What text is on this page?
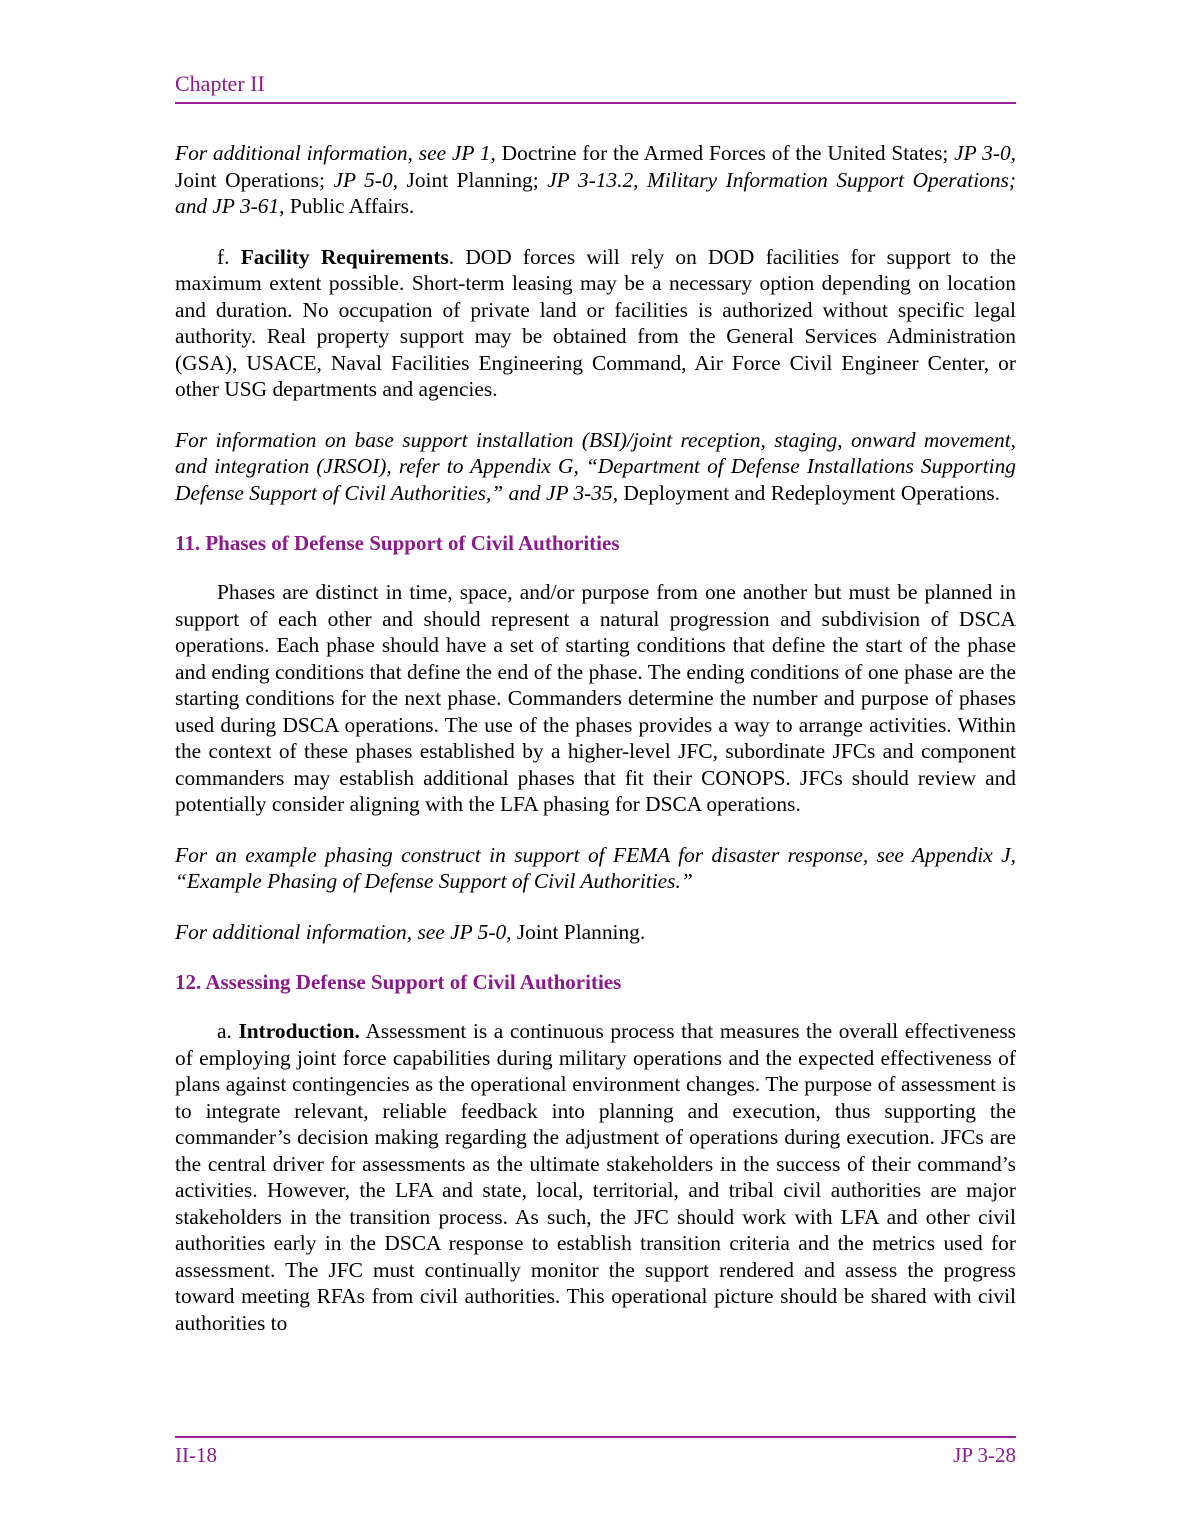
Chapter II

For additional information, see JP 1, Doctrine for the Armed Forces of the United States; JP 3-0, Joint Operations; JP 5-0, Joint Planning; JP 3-13.2, Military Information Support Operations; and JP 3-61, Public Affairs.

f. Facility Requirements. DOD forces will rely on DOD facilities for support to the maximum extent possible. Short-term leasing may be a necessary option depending on location and duration. No occupation of private land or facilities is authorized without specific legal authority. Real property support may be obtained from the General Services Administration (GSA), USACE, Naval Facilities Engineering Command, Air Force Civil Engineer Center, or other USG departments and agencies.

For information on base support installation (BSI)/joint reception, staging, onward movement, and integration (JRSOI), refer to Appendix G, “Department of Defense Installations Supporting Defense Support of Civil Authorities,” and JP 3-35, Deployment and Redeployment Operations.

11. Phases of Defense Support of Civil Authorities

Phases are distinct in time, space, and/or purpose from one another but must be planned in support of each other and should represent a natural progression and subdivision of DSCA operations. Each phase should have a set of starting conditions that define the start of the phase and ending conditions that define the end of the phase. The ending conditions of one phase are the starting conditions for the next phase. Commanders determine the number and purpose of phases used during DSCA operations. The use of the phases provides a way to arrange activities. Within the context of these phases established by a higher-level JFC, subordinate JFCs and component commanders may establish additional phases that fit their CONOPS. JFCs should review and potentially consider aligning with the LFA phasing for DSCA operations.

For an example phasing construct in support of FEMA for disaster response, see Appendix J, “Example Phasing of Defense Support of Civil Authorities.”

For additional information, see JP 5-0, Joint Planning.

12. Assessing Defense Support of Civil Authorities

a. Introduction. Assessment is a continuous process that measures the overall effectiveness of employing joint force capabilities during military operations and the expected effectiveness of plans against contingencies as the operational environment changes. The purpose of assessment is to integrate relevant, reliable feedback into planning and execution, thus supporting the commander’s decision making regarding the adjustment of operations during execution. JFCs are the central driver for assessments as the ultimate stakeholders in the success of their command’s activities. However, the LFA and state, local, territorial, and tribal civil authorities are major stakeholders in the transition process. As such, the JFC should work with LFA and other civil authorities early in the DSCA response to establish transition criteria and the metrics used for assessment. The JFC must continually monitor the support rendered and assess the progress toward meeting RFAs from civil authorities. This operational picture should be shared with civil authorities to

II-18	JP 3-28
